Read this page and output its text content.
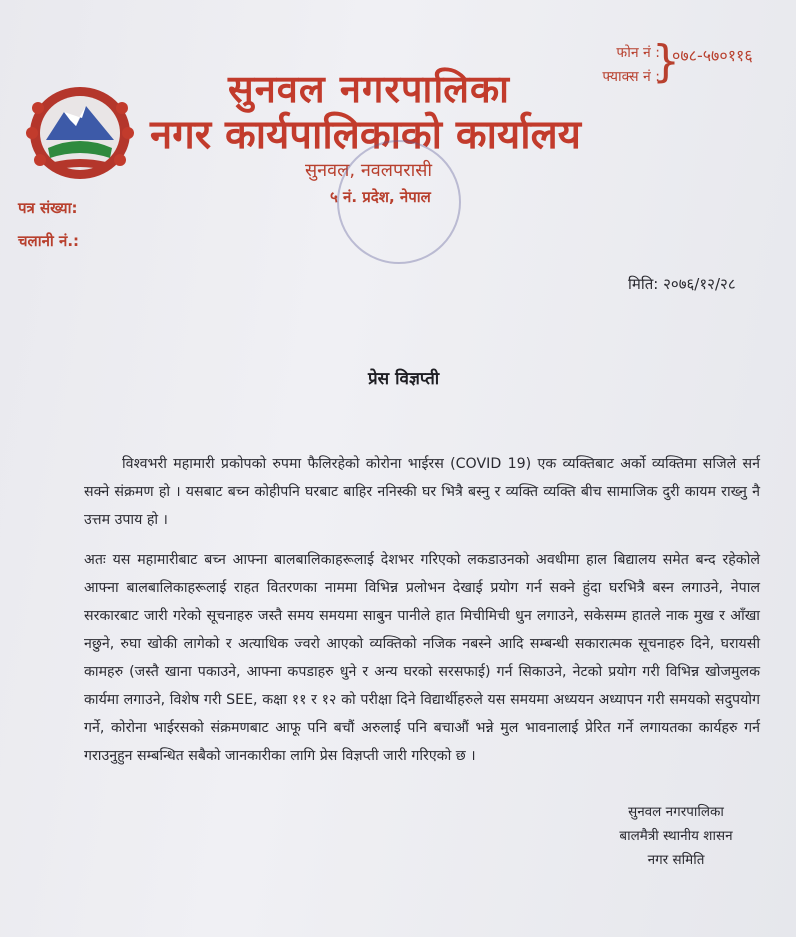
सुनवल नगरपालिका
नगर कार्यपालिकाको कार्यालय
सुनवल, नवलपरासी
५ नं. प्रदेश, नेपाल
फोन नं :
फ्याक्स नं :
}
०७८-५७०११६
पत्र संख्या:
चलानी नं.:
मिति: २०७६/१२/२८
प्रेस विज्ञप्ती
विश्वभरी महामारी प्रकोपको रुपमा फैलिरहेको कोरोना भाईरस (COVID 19) एक व्यक्तिबाट अर्को व्यक्तिमा सजिले सर्न सक्ने संक्रमण हो । यसबाट बच्न कोहीपनि घरबाट बाहिर ननिस्की घर भित्रै बस्नु र व्यक्ति व्यक्ति बीच सामाजिक दुरी कायम राख्नु नै उत्तम उपाय हो ।
अतः यस महामारीबाट बच्न आफ्ना बालबालिकाहरूलाई देशभर गरिएको लकडाउनको अवधीमा हाल बिद्यालय समेत बन्द रहेकोले आफ्ना बालबालिकाहरूलाई राहत वितरणका नाममा विभिन्न प्रलोभन देखाई प्रयोग गर्न सक्ने हुंदा घरभित्रै बस्न लगाउने, नेपाल सरकारबाट जारी गरेको सूचनाहरु जस्तै समय समयमा साबुन पानीले हात मिचीमिची धुन लगाउने, सकेसम्म हातले नाक मुख र आँखा नछुने, रुघा खोकी लागेको र अत्याधिक ज्वरो आएको व्यक्तिको नजिक नबस्ने आदि सम्बन्धी सकारात्मक सूचनाहरु दिने, घरायसी कामहरु (जस्तै खाना पकाउने, आफ्ना कपडाहरु धुने र अन्य घरको सरसफाई) गर्न सिकाउने, नेटको प्रयोग गरी विभिन्न खोजमुलक कार्यमा लगाउने, विशेष गरी SEE, कक्षा ११ र १२ को परीक्षा दिने विद्यार्थीहरुले यस समयमा अध्ययन अध्यापन गरी समयको सदुपयोग गर्ने, कोरोना भाईरसको संक्रमणबाट आफू पनि बचौं अरुलाई पनि बचाऔं भन्ने मुल भावनालाई प्रेरित गर्ने लगायतका कार्यहरु गर्न गराउनुहुन सम्बन्धित सबैको जानकारीका लागि प्रेस विज्ञप्ती जारी गरिएको छ ।
सुनवल नगरपालिका
बालमैत्री स्थानीय शासन
नगर समिति
